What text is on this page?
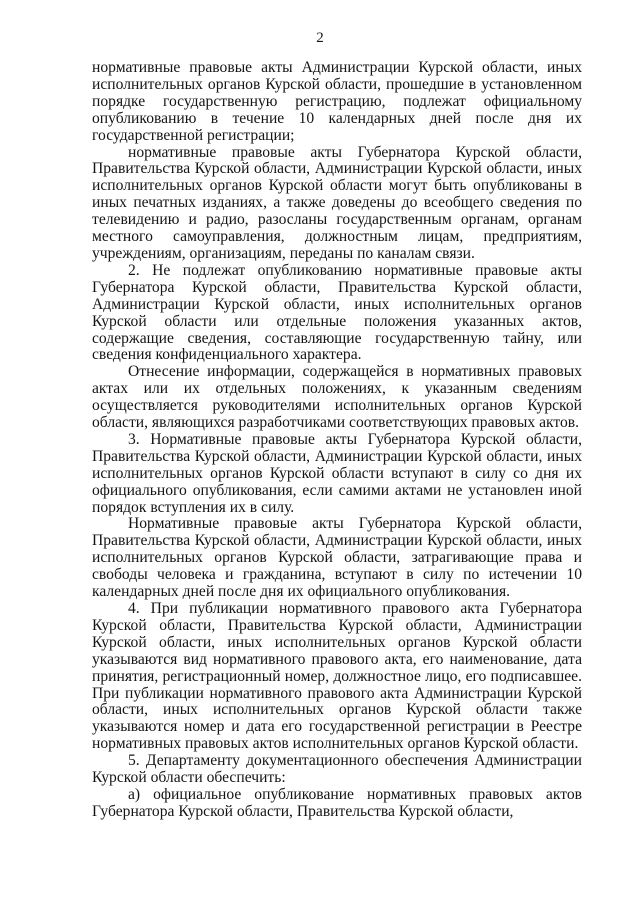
2

нормативные правовые акты Администрации Курской области, иных исполнительных органов Курской области, прошедшие в установленном порядке государственную регистрацию, подлежат официальному опубликованию в течение 10 календарных дней после дня их государственной регистрации;

нормативные правовые акты Губернатора Курской области, Правительства Курской области, Администрации Курской области, иных исполнительных органов Курской области могут быть опубликованы в иных печатных изданиях, а также доведены до всеобщего сведения по телевидению и радио, разосланы государственным органам, органам местного самоуправления, должностным лицам, предприятиям, учреждениям, организациям, переданы по каналам связи.

2. Не подлежат опубликованию нормативные правовые акты Губернатора Курской области, Правительства Курской области, Администрации Курской области, иных исполнительных органов Курской области или отдельные положения указанных актов, содержащие сведения, составляющие государственную тайну, или сведения конфиденциального характера.

Отнесение информации, содержащейся в нормативных правовых актах или их отдельных положениях, к указанным сведениям осуществляется руководителями исполнительных органов Курской области, являющихся разработчиками соответствующих правовых актов.

3. Нормативные правовые акты Губернатора Курской области, Правительства Курской области, Администрации Курской области, иных исполнительных органов Курской области вступают в силу со дня их официального опубликования, если самими актами не установлен иной порядок вступления их в силу.

Нормативные правовые акты Губернатора Курской области, Правительства Курской области, Администрации Курской области, иных исполнительных органов Курской области, затрагивающие права и свободы человека и гражданина, вступают в силу по истечении 10 календарных дней после дня их официального опубликования.

4. При публикации нормативного правового акта Губернатора Курской области, Правительства Курской области, Администрации Курской области, иных исполнительных органов Курской области указываются вид нормативного правового акта, его наименование, дата принятия, регистрационный номер, должностное лицо, его подписавшее. При публикации нормативного правового акта Администрации Курской области, иных исполнительных органов Курской области также указываются номер и дата его государственной регистрации в Реестре нормативных правовых актов исполнительных органов Курской области.

5. Департаменту документационного обеспечения Администрации Курской области обеспечить:

а) официальное опубликование нормативных правовых актов Губернатора Курской области, Правительства Курской области,
